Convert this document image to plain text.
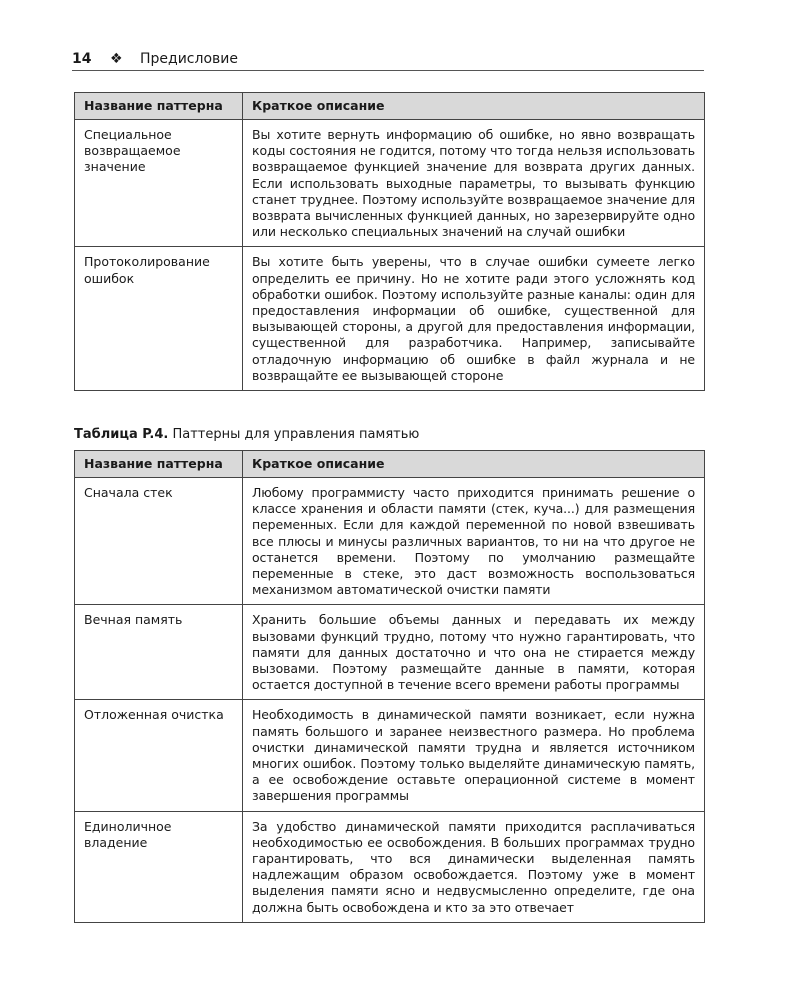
14 ❖ Предисловие
Название паттерна	Краткое описание
Специальное возвращаемое значение	Вы хотите вернуть информацию об ошибке, но явно возвращать коды состояния не годится, потому что тогда нельзя использовать возвращаемое функцией значение для возврата других данных. Если использовать выходные параметры, то вызывать функцию станет труднее. Поэтому используйте возвращаемое значение для возврата вычисленных функцией данных, но зарезервируйте одно или несколько специальных значений на случай ошибки
Протоколирование ошибок	Вы хотите быть уверены, что в случае ошибки сумеете легко определить ее причину. Но не хотите ради этого усложнять код обработки ошибок. Поэтому используйте разные каналы: один для предоставления информации об ошибке, существенной для вызывающей стороны, а другой для предоставления информации, существенной для разработчика. Например, записывайте отладочную информацию об ошибке в файл журнала и не возвращайте ее вызывающей стороне
Таблица P.4. Паттерны для управления памятью
Название паттерна	Краткое описание
Сначала стек	Любому программисту часто приходится принимать решение о классе хранения и области памяти (стек, куча...) для размещения переменных. Если для каждой переменной по новой взвешивать все плюсы и минусы различных вариантов, то ни на что другое не останется времени. Поэтому по умолчанию размещайте переменные в стеке, это даст возможность воспользоваться механизмом автоматической очистки памяти
Вечная память	Хранить большие объемы данных и передавать их между вызовами функций трудно, потому что нужно гарантировать, что памяти для данных достаточно и что она не стирается между вызовами. Поэтому размещайте данные в памяти, которая остается доступной в течение всего времени работы программы
Отложенная очистка	Необходимость в динамической памяти возникает, если нужна память большого и заранее неизвестного размера. Но проблема очистки динамической памяти трудна и является источником многих ошибок. Поэтому только выделяйте динамическую память, а ее освобождение оставьте операционной системе в момент завершения программы
Единоличное владение	За удобство динамической памяти приходится расплачиваться необходимостью ее освобождения. В больших программах трудно гарантировать, что вся динамически выделенная память надлежащим образом освобождается. Поэтому уже в момент выделения памяти ясно и недвусмысленно определите, где она должна быть освобождена и кто за это отвечает
